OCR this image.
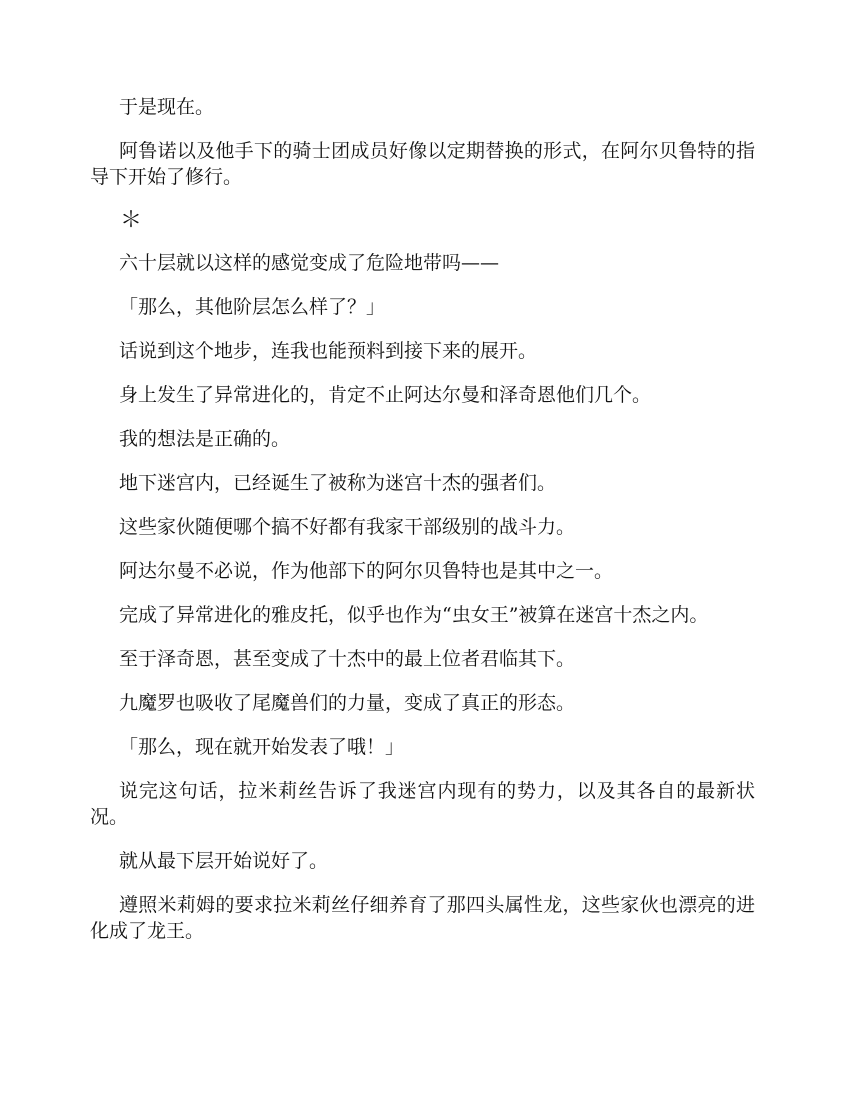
于是现在。

阿鲁诺以及他手下的骑士团成员好像以定期替换的形式，在阿尔贝鲁特的指导下开始了修行。

＊

六十层就以这样的感觉变成了危险地带吗——

「那么，其他阶层怎么样了？」

话说到这个地步，连我也能预料到接下来的展开。

身上发生了异常进化的，肯定不止阿达尔曼和泽奇恩他们几个。

我的想法是正确的。

地下迷宫内，已经诞生了被称为迷宫十杰的强者们。

这些家伙随便哪个搞不好都有我家干部级别的战斗力。

阿达尔曼不必说，作为他部下的阿尔贝鲁特也是其中之一。

完成了异常进化的雅皮托，似乎也作为“虫女王”被算在迷宫十杰之内。

至于泽奇恩，甚至变成了十杰中的最上位者君临其下。

九魔罗也吸收了尾魔兽们的力量，变成了真正的形态。

「那么，现在就开始发表了哦！」

说完这句话，拉米莉丝告诉了我迷宫内现有的势力，以及其各自的最新状况。

就从最下层开始说好了。

遵照米莉姆的要求拉米莉丝仔细养育了那四头属性龙，这些家伙也漂亮的进化成了龙王。
